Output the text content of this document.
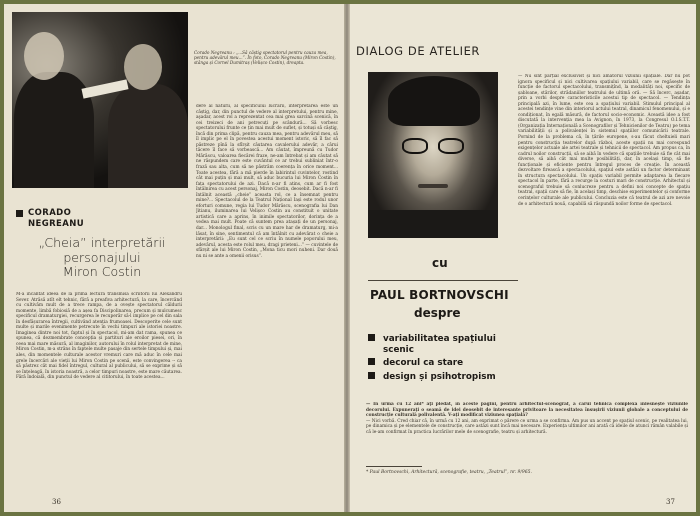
Corado Negreanu : „...Să câștig spectatorul pentru cauza mea, pentru adevărul meu...”. În foto, Corado Negreanu (Miron Costin), stânga și Cornel Dumitraș (Velișco Costin), dreapta.
CORADO
NEGREANU
„Cheia” interpretării
personajului
Miron Costin
M-a încântat ideea de la prima lectură transmisă scriitorii lui Alexandru Sever. Atrăsă atît elt tehnic, fără a preafiva arhitectură, la care, încercând cu cultivăm mult de a trece rampa, de a ovește spectatorul căldurii momente, limbă fobiosiă de a așea fa Discipolinarea, precum și mulcumesc specificul dramaturgiei, recurgerea le recuperăr să-l implice pe cel din sala în desfășurarea întregii, cultivând atenția frumoasei. Descoperite cele sunt multe și marile evenimente petrecute în vechi timpuri ale istoriei noastre. Imaginea dintre noi tot, faptul și în spectacol, mi-am dat rama, spunea ce spunea, că dezmembrate concepția și partituri ale eroilor piesei, ori, în ceea mai mare măsură, al imaginilor, autorului în rolul interpretat de mine, Miron Costin, m-a strâns în faptele multe pasaje din sertele timpului și, mai ales, din momentele culturale acestor vremuri care mă aduc în cele mai grele încercări ale vieții lui Miron Costin pe scenă, este convingerea -- ca să păstrez cât mai fidel întregul, cultural al publicului, să se exprime și să se înțeleagă, în istoria noastră, a celor timpuri noastre, este mare căutarea. Fără îndoială, din punctul de vedere al cititorului, în toate acestea...
dere al naturii, al specificului lucrării, interpretarea este un câștig, dar, din punctul de vedere al interpretului, pentru mine, aşadar, acest rol a reprezentat cea mai grea sarcină scenică, în cei treizeci de ani petrecuți pe scândură... Să vorbesc spectatorului frunte ce țin mai mult de suflet, și totuși să câștig, încă din prima clipă, pentru cauza mea, pentru adevărul meu, să îl implic pe el în povestea acestui moment istoric, să îl fac să păstreze pînă la sfîrșit căutarea cavalerului adevăr, a cărui tăcere îl face să vorbească... Am căutat, împreună cu Tudor Mărăscu, valoarea fiecărei fraze, ne-am întrebat și am căutat să ne răspundem care este cuvântul ce ar trebui subliniat într-o frază sau alta, cum să ne păstrăm coerența în orice moment... Toate acestea, fără a mă pierde în labirintul cuvintelor, rostind cât mai puțin și mai mult, să aduc bucuria lui Miron Costin în fața spectatorului de azi. Dacă n-ar fi atins, cum ar fi fost întâlnirea cu acest personaj, Miron Costin, deosebit. Dacă n-ar fi întâlnit această „cheie” aceasta rol, ce a însemnat pentru mine?... Spectacolul de la Teatrul Național Iași este rodul unor eforturi comune, regia lui Tudor Mărăscu, scenografia lui Dan Jitianu, iluminarea lui Velișco Costin au constituit o unitate artistică care a aprins, în inimile spectatorilor, dorința de a vedea mai mult. Poate că suntem prea atașați de un personaj, dar... Monologul final, scris cu un mare har de dramaturg, mi-a lăsat, în sine, sentimentul că am întâlnit cu adevărat o cheie a interpretării: „Eu sunt cel ce scriu în numele poporului meu, adevărul, acesta este rolul meu, dragi prieteni...” — cuvintele de sfârșit ale lui Miron Costin, „Mona ticu mori nuheni. Dar două nu ni se ante a omenii orisus”.
36
DIALOG DE ATELIER
— Nu sînt parțial exclusivist și nici amatorul viziunii spațiale. Dar nu pot ignora specificul și nici cultivarea spațiului variabil, care se regăsește în funcție de factorul spectacolului, transmițînd, la modalități noi, specific de șabloane, stărilor, strădaniilor teatrului de ultimă oră. — Să încerc, așadar, prin a vorbi despre caracteristicile acestui tip de spectacol. — Tendința principală azi, în lume, este cea a spațiului variabil. Stimulul principal al acestei tendințe vine din interiorul actului teatral, dinamicul fenomenului, și e condiționat, în egală măsură, de factorul socio-economic. Această idee a fost discutată la intervenția mea la Avignon, în 1973, la Congresul O.I.S.T.T. (Organizația Internațională a Scenografilor și Tehnicienilor de Teatru) pe tema variabilității și a polivalenței în sistemul spațiilor comunicării teatrale. Pornind de la problema că, în țările europene, s-au făcut cheltuieli mari pentru construcția teatrelor după război, aceste spații nu mai corespund exigențelor actuale ale artei teatrale și tehnicii de spectacol. Am propus ca, în cadrul noilor construcții, să se aibă în vedere că spațiile trebuie să fie cât mai diverse, să aibă cât mai multe posibilități, dar, în același timp, să fie funcționale și eficiente pentru întregul proces de creație. În această dezvoltare firească a spectacolului, spațiul este astăzi un factor determinant în structura spectacolului. Un spațiu variabil permite adaptarea la fiecare spectacol în parte, fără a recurge la costuri mari de construcție. Arhitectul și scenograful trebuie să conlucreze pentru a defini noi concepte de spațiu teatral, spații care să fie, în același timp, deschise experimentelor și conforme cerințelor culturale ale publicului. Concluzia este că teatrul de azi are nevoie de o arhitectură nouă, capabilă să răspundă noilor forme de spectacol.
cu
PAUL BORTNOVSCHI
despre
variabilitatea spațiului
scenic
decorul ca stare
design și psihotropism
— În urmă cu 12 ani* aţi pledat, în aceste pagini, pentru arhitectul-scenograf, a cărui tehnică complexă înlesnește viziunile decorului. Expunerați o seamă de idei deosebit de interesante privitoare la necesitatea însușirii viziunii globale a conceptului de construcție culturală polivalentă. V-ați modificat viziunea spațială?
— Nici vorbă. Cred chiar că, în urmă cu 12 ani, am exprimat o părere ce urma a se confirma. Am pus un accent pe spațiul scenic, pe realitatea lui, pe dinamica și pe elementele de construcție, care astăzi sunt încă mai necesare. Experiența ultimilor ani arată că ideile de atunci rămân valabile și că le-am confirmat în practica lucrărilor mele de scenografie, teatru și arhitectură.
* Paul Bortnovschi, Arhitectură, scenografie, teatru, „Teatrul”, nr. 9/965.
37
